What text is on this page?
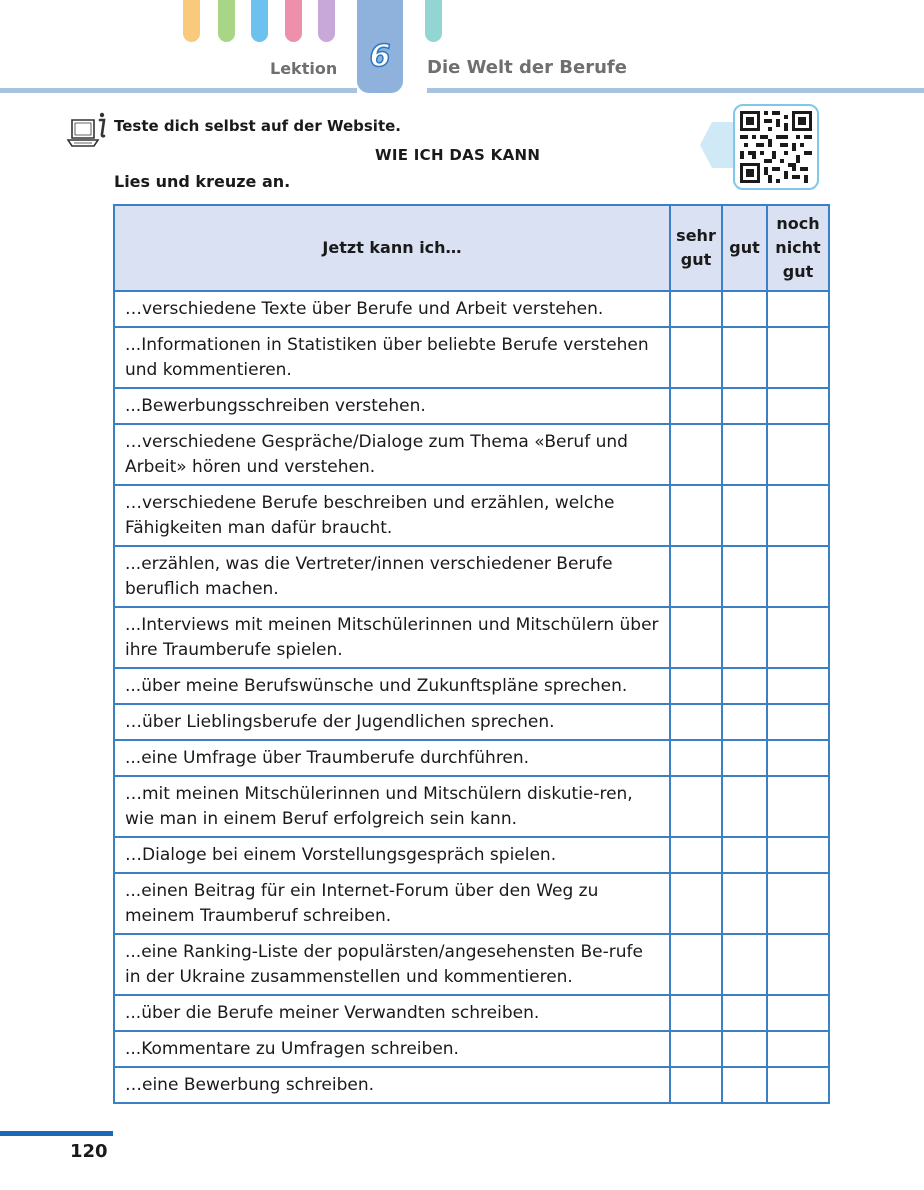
Lektion 6 Die Welt der Berufe
Teste dich selbst auf der Website.
WIE ICH DAS KANN
Lies und kreuze an.
Jetzt kann ich…	sehr gut	gut	noch nicht gut
…verschiedene Texte über Berufe und Arbeit verstehen.			
...Informationen in Statistiken über beliebte Berufe verstehen und kommentieren.			
...Bewerbungsschreiben verstehen.			
…verschiedene Gespräche/Dialoge zum Thema «Beruf und Arbeit» hören und verstehen.			
…verschiedene Berufe beschreiben und erzählen, welche Fähigkeiten man dafür braucht.			
...erzählen, was die Vertreter/innen verschiedener Berufe beruflich machen.			
...Interviews mit meinen Mitschülerinnen und Mitschülern über ihre Traumberufe spielen.			
...über meine Berufswünsche und Zukunftspläne sprechen.			
…über Lieblingsberufe der Jugendlichen sprechen.			
...eine Umfrage über Traumberufe durchführen.			
…mit meinen Mitschülerinnen und Mitschülern diskutie-ren, wie man in einem Beruf erfolgreich sein kann.			
…Dialoge bei einem Vorstellungsgespräch spielen.			
...einen Beitrag für ein Internet-Forum über den Weg zu meinem Traumberuf schreiben.			
...eine Ranking-Liste der populärsten/angesehensten Be-rufe in der Ukraine zusammenstellen und kommentieren.			
...über die Berufe meiner Verwandten schreiben.			
...Kommentare zu Umfragen schreiben.			
…eine Bewerbung schreiben.			
120
